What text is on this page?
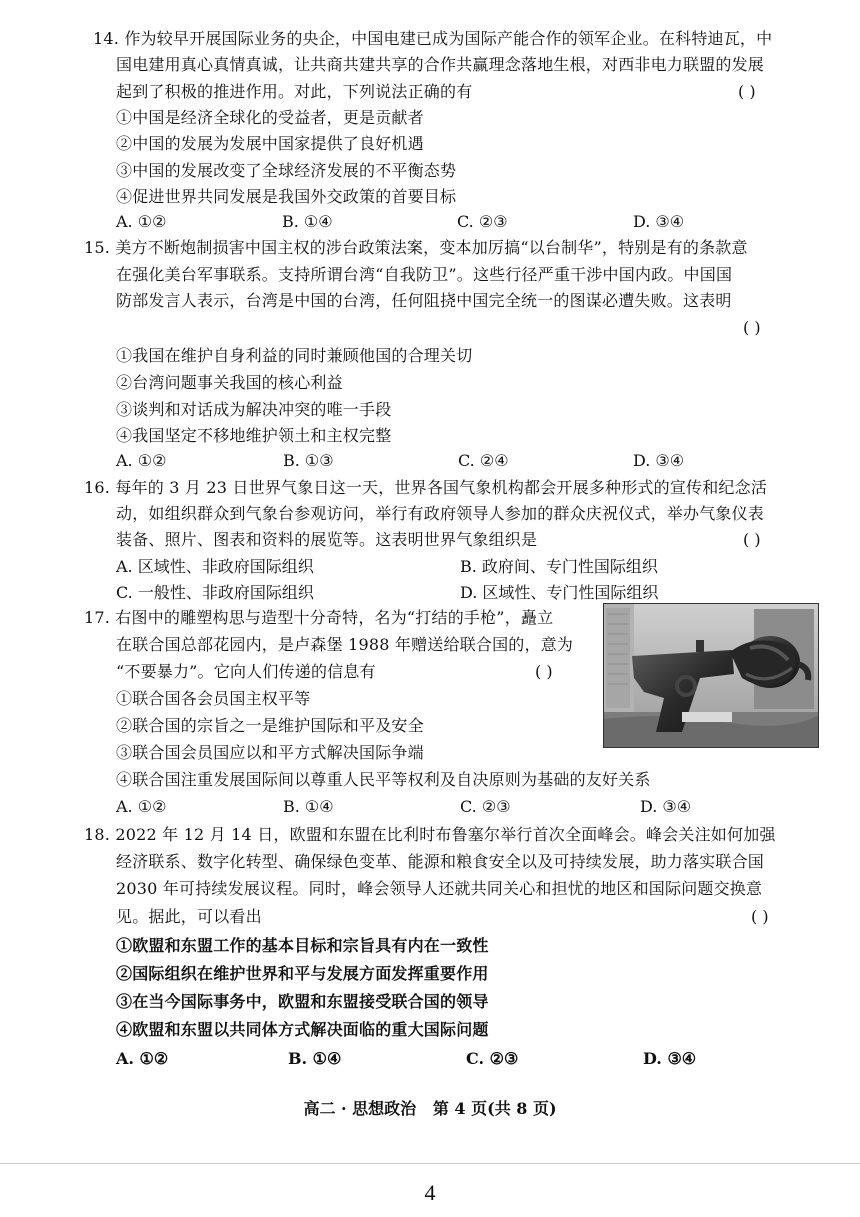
14. 作为较早开展国际业务的央企，中国电建已成为国际产能合作的领军企业。在科特迪瓦，中
国电建用真心真情真诚，让共商共建共享的合作共赢理念落地生根，对西非电力联盟的发展
起到了积极的推进作用。对此，下列说法正确的有	( )
①中国是经济全球化的受益者，更是贡献者
②中国的发展为发展中国家提供了良好机遇
③中国的发展改变了全球经济发展的不平衡态势
④促进世界共同发展是我国外交政策的首要目标
A. ①②	B. ①④	C. ②③	D. ③④
15. 美方不断炮制损害中国主权的涉台政策法案，变本加厉搞“以台制华”，特别是有的条款意
在强化美台军事联系。支持所谓台湾“自我防卫”。这些行径严重干涉中国内政。中国国
防部发言人表示，台湾是中国的台湾，任何阻挠中国完全统一的图谋必遭失败。这表明
( )
①我国在维护自身利益的同时兼顾他国的合理关切
②台湾问题事关我国的核心利益
③谈判和对话成为解决冲突的唯一手段
④我国坚定不移地维护领土和主权完整
A. ①②	B. ①③	C. ②④	D. ③④
16. 每年的 3 月 23 日世界气象日这一天，世界各国气象机构都会开展多种形式的宣传和纪念活
动，如组织群众到气象台参观访问，举行有政府领导人参加的群众庆祝仪式，举办气象仪表
装备、照片、图表和资料的展览等。这表明世界气象组织是	( )
A. 区域性、非政府国际组织	B. 政府间、专门性国际组织
C. 一般性、非政府国际组织	D. 区域性、专门性国际组织
17. 右图中的雕塑构思与造型十分奇特，名为“打结的手枪”，矗立
在联合国总部花园内，是卢森堡 1988 年赠送给联合国的，意为
“不要暴力”。它向人们传递的信息有	( )
①联合国各会员国主权平等
②联合国的宗旨之一是维护国际和平及安全
③联合国会员国应以和平方式解决国际争端
④联合国注重发展国际间以尊重人民平等权利及自决原则为基础的友好关系
A. ①②	B. ①④	C. ②③	D. ③④
18. 2022 年 12 月 14 日，欧盟和东盟在比利时布鲁塞尔举行首次全面峰会。峰会关注如何加强
经济联系、数字化转型、确保绿色变革、能源和粮食安全以及可持续发展，助力落实联合国
2030 年可持续发展议程。同时，峰会领导人还就共同关心和担忧的地区和国际问题交换意
见。据此，可以看出	( )
①欧盟和东盟工作的基本目标和宗旨具有内在一致性
②国际组织在维护世界和平与发展方面发挥重要作用
③在当今国际事务中，欧盟和东盟接受联合国的领导
④欧盟和东盟以共同体方式解决面临的重大国际问题
A. ①②	B. ①④	C. ②③	D. ③④
高二 · 思想政治   第 4 页(共 8 页)
4
